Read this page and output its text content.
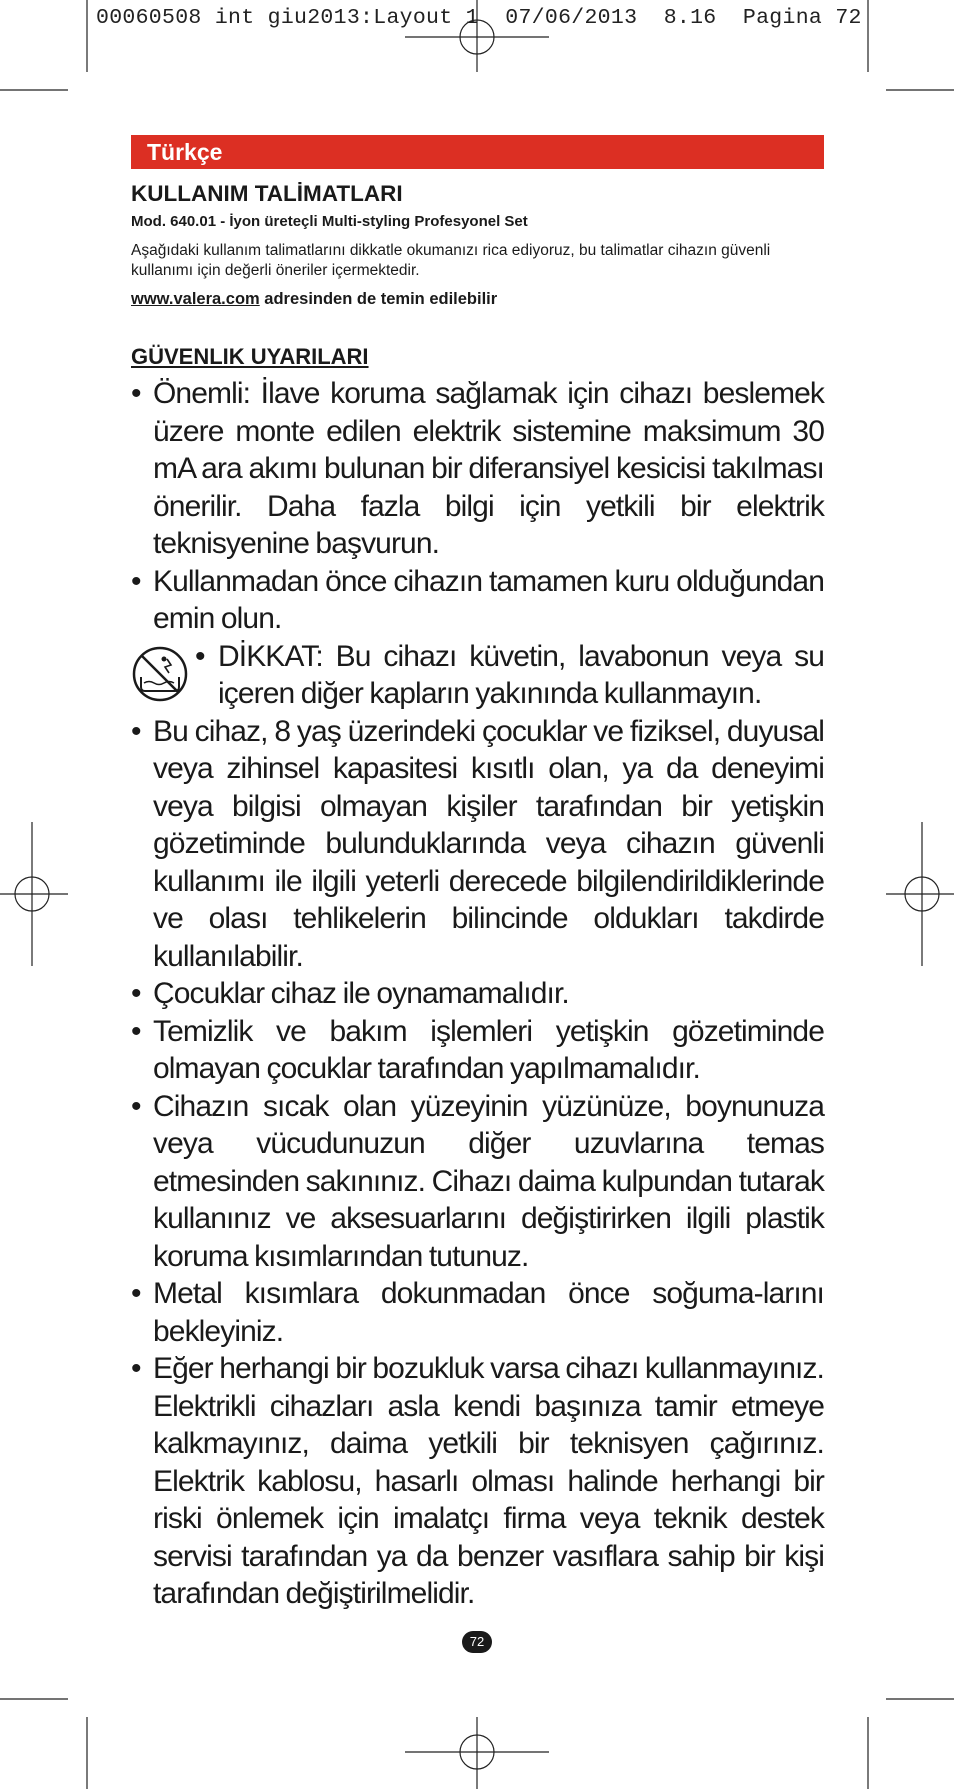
00060508 int giu2013:Layout 1  07/06/2013  8.16  Pagina 72
Türkçe
KULLANIM TALİMATLARI
Mod. 640.01 - İyon üreteçli Multi-styling Profesyonel Set
Aşağıdaki kullanım talimatlarını dikkatle okumanızı rica ediyoruz, bu talimatlar cihazın güvenli kullanımı için değerli öneriler içermektedir.
www.valera.com adresinden de temin edilebilir
GÜVENLIK UYARILARI
• Önemli: İlave koruma sağlamak için cihazı beslemek üzere monte edilen elektrik sistemine maksimum 30 mA ara akımı bulunan bir diferansiyel kesicisi takılması önerilir. Daha fazla bilgi için yetkili bir elektrik teknisyenine başvurun.
• Kullanmadan önce cihazın tamamen kuru olduğundan emin olun.
• DİKKAT: Bu cihazı küvetin, lavabonun veya su içeren diğer kapların yakınında kullanmayın.
• Bu cihaz, 8 yaş üzerindeki çocuklar ve fiziksel, duyusal veya zihinsel kapasitesi kısıtlı olan, ya da deneyimi veya bilgisi olmayan kişiler tarafından bir yetişkin gözetiminde bulunduklarında veya cihazın güvenli kullanımı ile ilgili yeterli derecede bilgilendirildiklerinde ve olası tehlikelerin bilincinde oldukları takdirde kullanılabilir.
• Çocuklar cihaz ile oynamamalıdır.
• Temizlik ve bakım işlemleri yetişkin gözetiminde olmayan çocuklar tarafından yapılmamalıdır.
• Cihazın sıcak olan yüzeyinin yüzünüze, boynunuza veya vücudunuzun diğer uzuvlarına temas etmesinden sakınınız. Cihazı daima kulpundan tutarak kullanınız ve aksesuarlarını değiştirirken ilgili plastik koruma kısımlarından tutunuz.
• Metal kısımlara dokunmadan önce soğuma-larını bekleyiniz.
• Eğer herhangi bir bozukluk varsa cihazı kullanmayınız. Elektrikli cihazları asla kendi başınıza tamir etmeye kalkmayınız, daima yetkili bir teknisyen çağırınız. Elektrik kablosu, hasarlı olması halinde herhangi bir riski önlemek için imalatçı firma veya teknik destek servisi tarafından ya da benzer vasıflara sahip bir kişi tarafından değiştirilmelidir.
72
